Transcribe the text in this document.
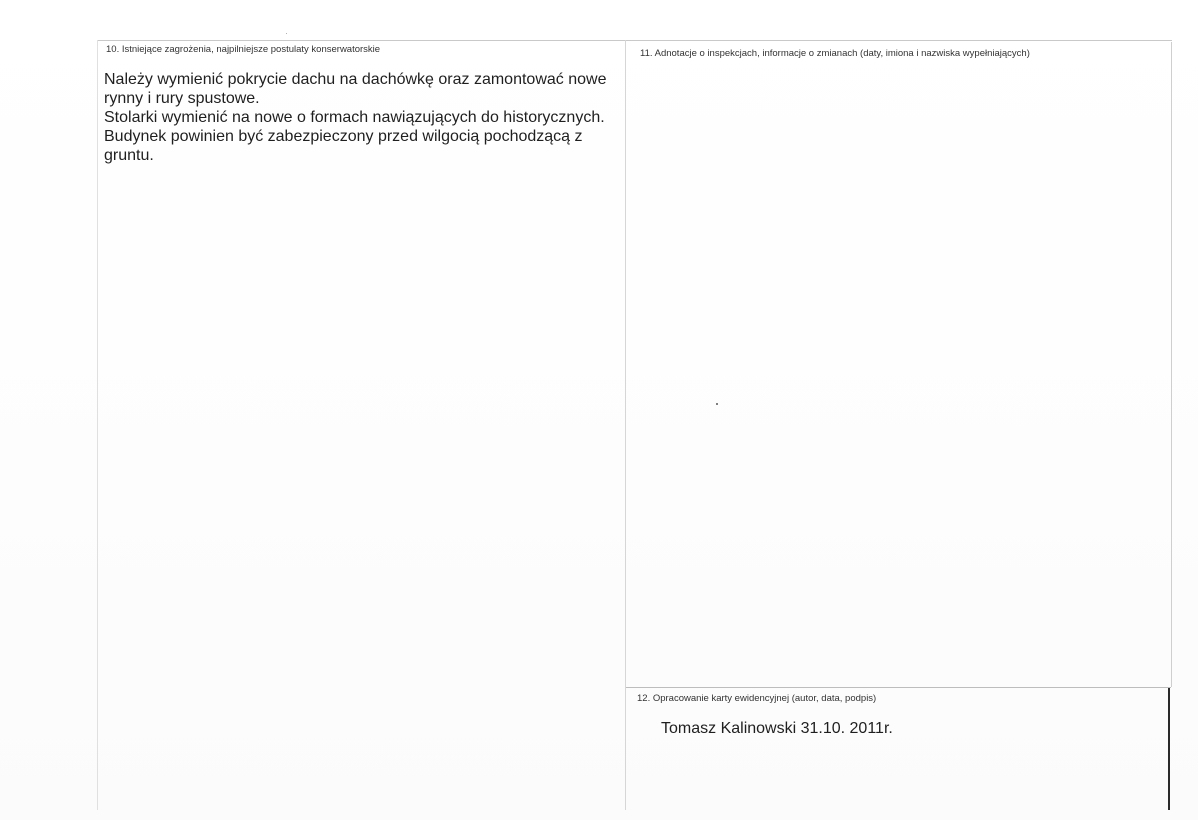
10. Istniejące zagrożenia, najpilniejsze postulaty konserwatorskie

Należy wymienić pokrycie dachu na dachówkę oraz zamontować nowe

rynny i rury spustowe.

Stolarki wymienić na nowe o formach nawiązujących do historycznych.

Budynek powinien być zabezpieczony przed wilgocią pochodzącą z

gruntu.

11. Adnotacje o inspekcjach, informacje o zmianach (daty, imiona i nazwiska wypełniających)
12. Opracowanie karty ewidencyjnej (autor, data, podpis)
Tomasz Kalinowski 31.10. 2011r.
